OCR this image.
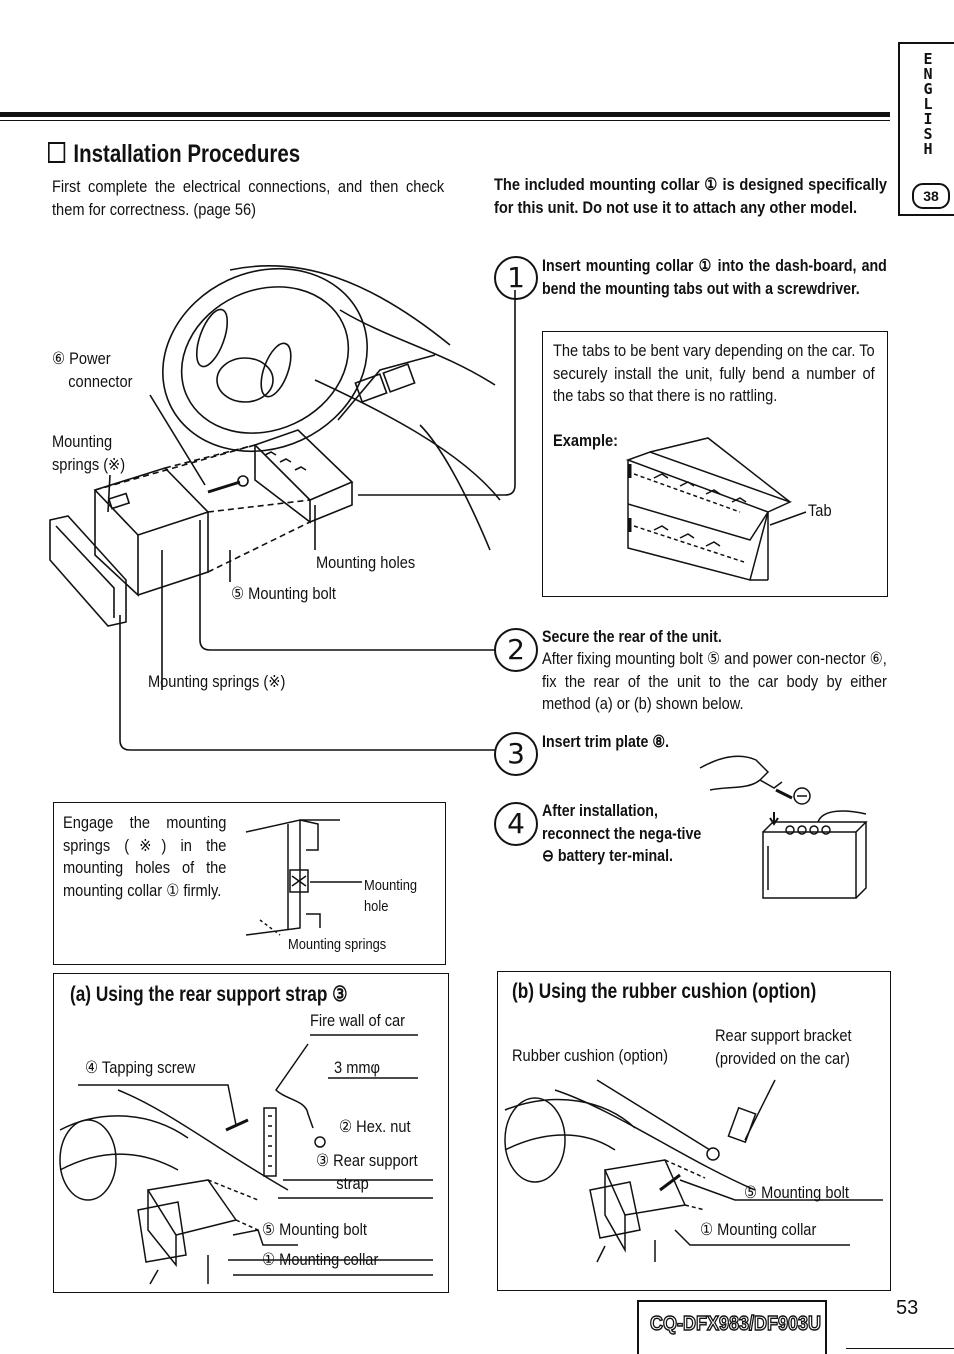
E
N
G
L
I
S
H
38
Installation Procedures
First complete the electrical connections, and then check them for correctness. (page 56)
The included mounting collar ① is designed specifically for this unit. Do not use it to attach any other model.
1	Insert mounting collar ① into the dash-board, and bend the mounting tabs out with a screwdriver.
The tabs to be bent vary depending on the car. To securely install the unit, fully bend a number of the tabs so that there is no rattling.
Example:
Tab
⑥ Power
connector
Mounting
springs (※)
Mounting holes
⑤ Mounting bolt
Mounting springs (※)
2	Secure the rear of the unit.
After fixing mounting bolt ⑤ and power con-nector ⑥, fix the rear of the unit to the car body by either method (a) or (b) shown below.
3	Insert trim plate ⑧.
4	After installation, reconnect the nega-tive ⊖ battery ter-minal.
Engage the mounting springs (※) in the mounting holes of the mounting collar ① firmly.	Mounting
hole
Mounting springs
(a) Using the rear support strap ③
Fire wall of car
④ Tapping screw	3 mmφ
② Hex. nut
③ Rear support
strap
⑤ Mounting bolt
① Mounting collar
(b) Using the rubber cushion (option)
Rear support bracket
(provided on the car)
Rubber cushion (option)
⑤ Mounting bolt
① Mounting collar
CQ-DFX983/DF903U
53
